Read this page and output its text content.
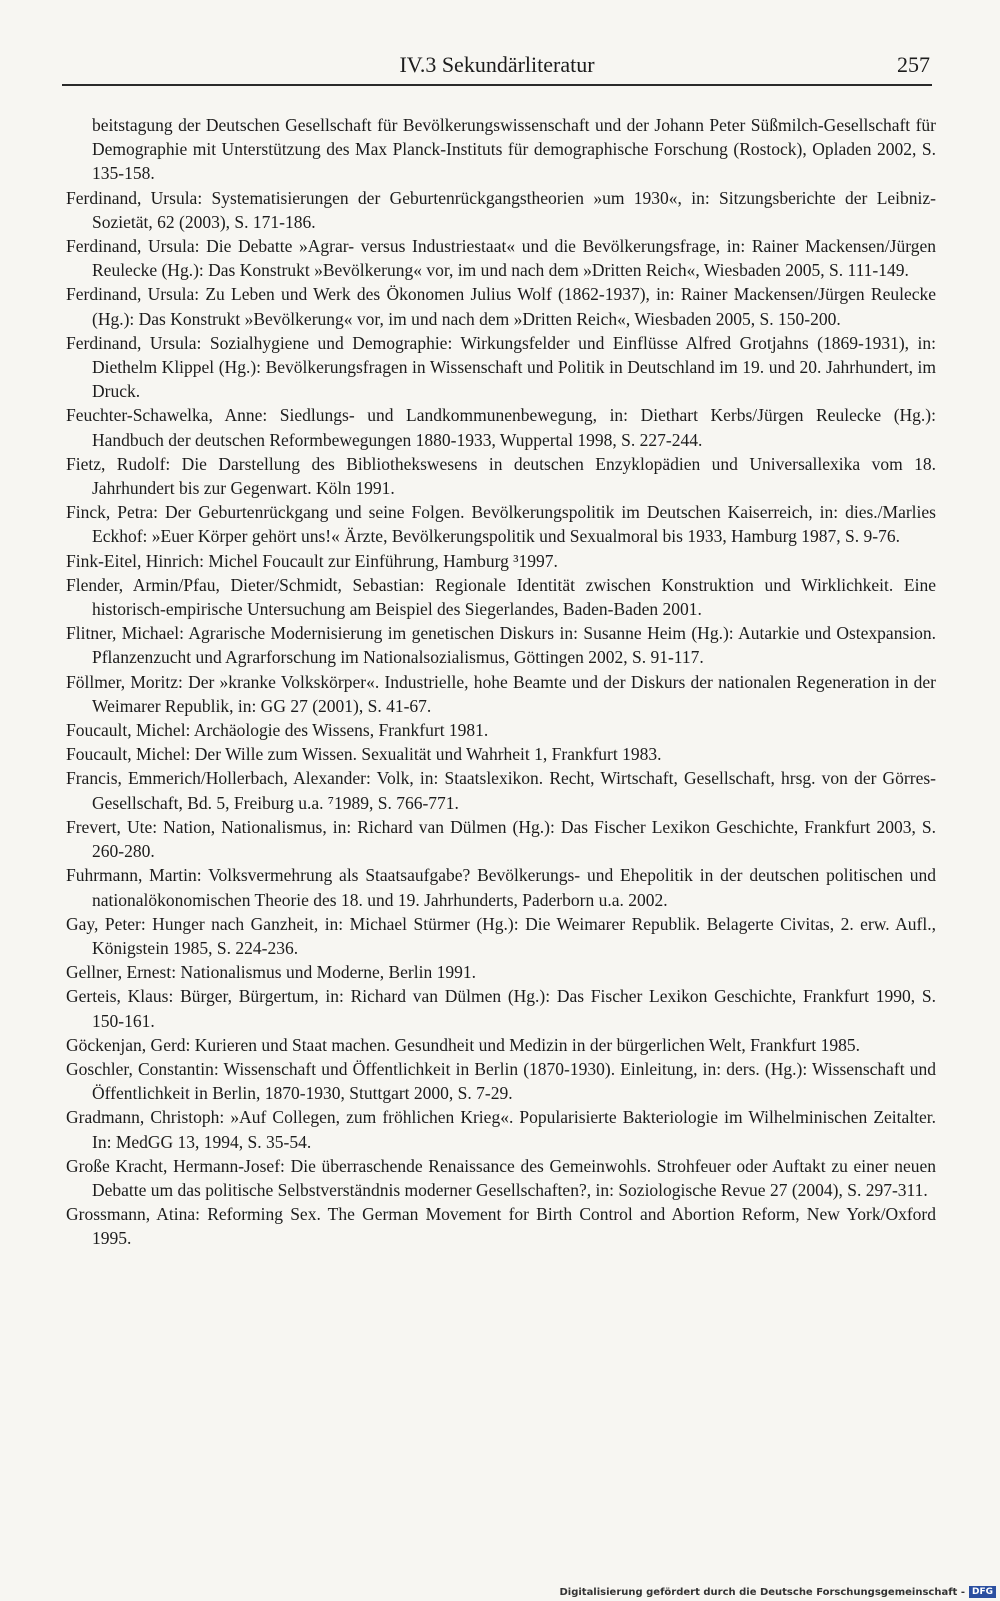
IV.3 Sekundärliteratur	257

beitstagung der Deutschen Gesellschaft für Bevölkerungswissenschaft und der Johann Peter Süßmilch-Gesellschaft für Demographie mit Unterstützung des Max Planck-Instituts für demographische Forschung (Rostock), Opladen 2002, S. 135-158.

Ferdinand, Ursula: Systematisierungen der Geburtenrückgangstheorien »um 1930«, in: Sitzungsberichte der Leibniz-Sozietät, 62 (2003), S. 171-186.

Ferdinand, Ursula: Die Debatte »Agrar- versus Industriestaat« und die Bevölkerungsfrage, in: Rainer Mackensen/Jürgen Reulecke (Hg.): Das Konstrukt »Bevölkerung« vor, im und nach dem »Dritten Reich«, Wiesbaden 2005, S. 111-149.

Ferdinand, Ursula: Zu Leben und Werk des Ökonomen Julius Wolf (1862-1937), in: Rainer Mackensen/Jürgen Reulecke (Hg.): Das Konstrukt »Bevölkerung« vor, im und nach dem »Dritten Reich«, Wiesbaden 2005, S. 150-200.

Ferdinand, Ursula: Sozialhygiene und Demographie: Wirkungsfelder und Einflüsse Alfred Grotjahns (1869-1931), in: Diethelm Klippel (Hg.): Bevölkerungsfragen in Wissenschaft und Politik in Deutschland im 19. und 20. Jahrhundert, im Druck.

Feuchter-Schawelka, Anne: Siedlungs- und Landkommunenbewegung, in: Diethart Kerbs/Jürgen Reulecke (Hg.): Handbuch der deutschen Reformbewegungen 1880-1933, Wuppertal 1998, S. 227-244.

Fietz, Rudolf: Die Darstellung des Bibliothekswesens in deutschen Enzyklopädien und Universallexika vom 18. Jahrhundert bis zur Gegenwart. Köln 1991.

Finck, Petra: Der Geburtenrückgang und seine Folgen. Bevölkerungspolitik im Deutschen Kaiserreich, in: dies./Marlies Eckhof: »Euer Körper gehört uns!« Ärzte, Bevölkerungspolitik und Sexualmoral bis 1933, Hamburg 1987, S. 9-76.

Fink-Eitel, Hinrich: Michel Foucault zur Einführung, Hamburg ³1997.

Flender, Armin/Pfau, Dieter/Schmidt, Sebastian: Regionale Identität zwischen Konstruktion und Wirklichkeit. Eine historisch-empirische Untersuchung am Beispiel des Siegerlandes, Baden-Baden 2001.

Flitner, Michael: Agrarische Modernisierung im genetischen Diskurs in: Susanne Heim (Hg.): Autarkie und Ostexpansion. Pflanzenzucht und Agrarforschung im Nationalsozialismus, Göttingen 2002, S. 91-117.

Föllmer, Moritz: Der »kranke Volkskörper«. Industrielle, hohe Beamte und der Diskurs der nationalen Regeneration in der Weimarer Republik, in: GG 27 (2001), S. 41-67.

Foucault, Michel: Archäologie des Wissens, Frankfurt 1981.

Foucault, Michel: Der Wille zum Wissen. Sexualität und Wahrheit 1, Frankfurt 1983.

Francis, Emmerich/Hollerbach, Alexander: Volk, in: Staatslexikon. Recht, Wirtschaft, Gesellschaft, hrsg. von der Görres-Gesellschaft, Bd. 5, Freiburg u.a. ⁷1989, S. 766-771.

Frevert, Ute: Nation, Nationalismus, in: Richard van Dülmen (Hg.): Das Fischer Lexikon Geschichte, Frankfurt 2003, S. 260-280.

Fuhrmann, Martin: Volksvermehrung als Staatsaufgabe? Bevölkerungs- und Ehepolitik in der deutschen politischen und nationalökonomischen Theorie des 18. und 19. Jahrhunderts, Paderborn u.a. 2002.

Gay, Peter: Hunger nach Ganzheit, in: Michael Stürmer (Hg.): Die Weimarer Republik. Belagerte Civitas, 2. erw. Aufl., Königstein 1985, S. 224-236.

Gellner, Ernest: Nationalismus und Moderne, Berlin 1991.

Gerteis, Klaus: Bürger, Bürgertum, in: Richard van Dülmen (Hg.): Das Fischer Lexikon Geschichte, Frankfurt 1990, S. 150-161.

Göckenjan, Gerd: Kurieren und Staat machen. Gesundheit und Medizin in der bürgerlichen Welt, Frankfurt 1985.

Goschler, Constantin: Wissenschaft und Öffentlichkeit in Berlin (1870-1930). Einleitung, in: ders. (Hg.): Wissenschaft und Öffentlichkeit in Berlin, 1870-1930, Stuttgart 2000, S. 7-29.

Gradmann, Christoph: »Auf Collegen, zum fröhlichen Krieg«. Popularisierte Bakteriologie im Wilhelminischen Zeitalter. In: MedGG 13, 1994, S. 35-54.

Große Kracht, Hermann-Josef: Die überraschende Renaissance des Gemeinwohls. Strohfeuer oder Auftakt zu einer neuen Debatte um das politische Selbstverständnis moderner Gesellschaften?, in: Soziologische Revue 27 (2004), S. 297-311.

Grossmann, Atina: Reforming Sex. The German Movement for Birth Control and Abortion Reform, New York/Oxford 1995.

Digitalisierung gefördert durch die Deutsche Forschungsgemeinschaft - DFG
